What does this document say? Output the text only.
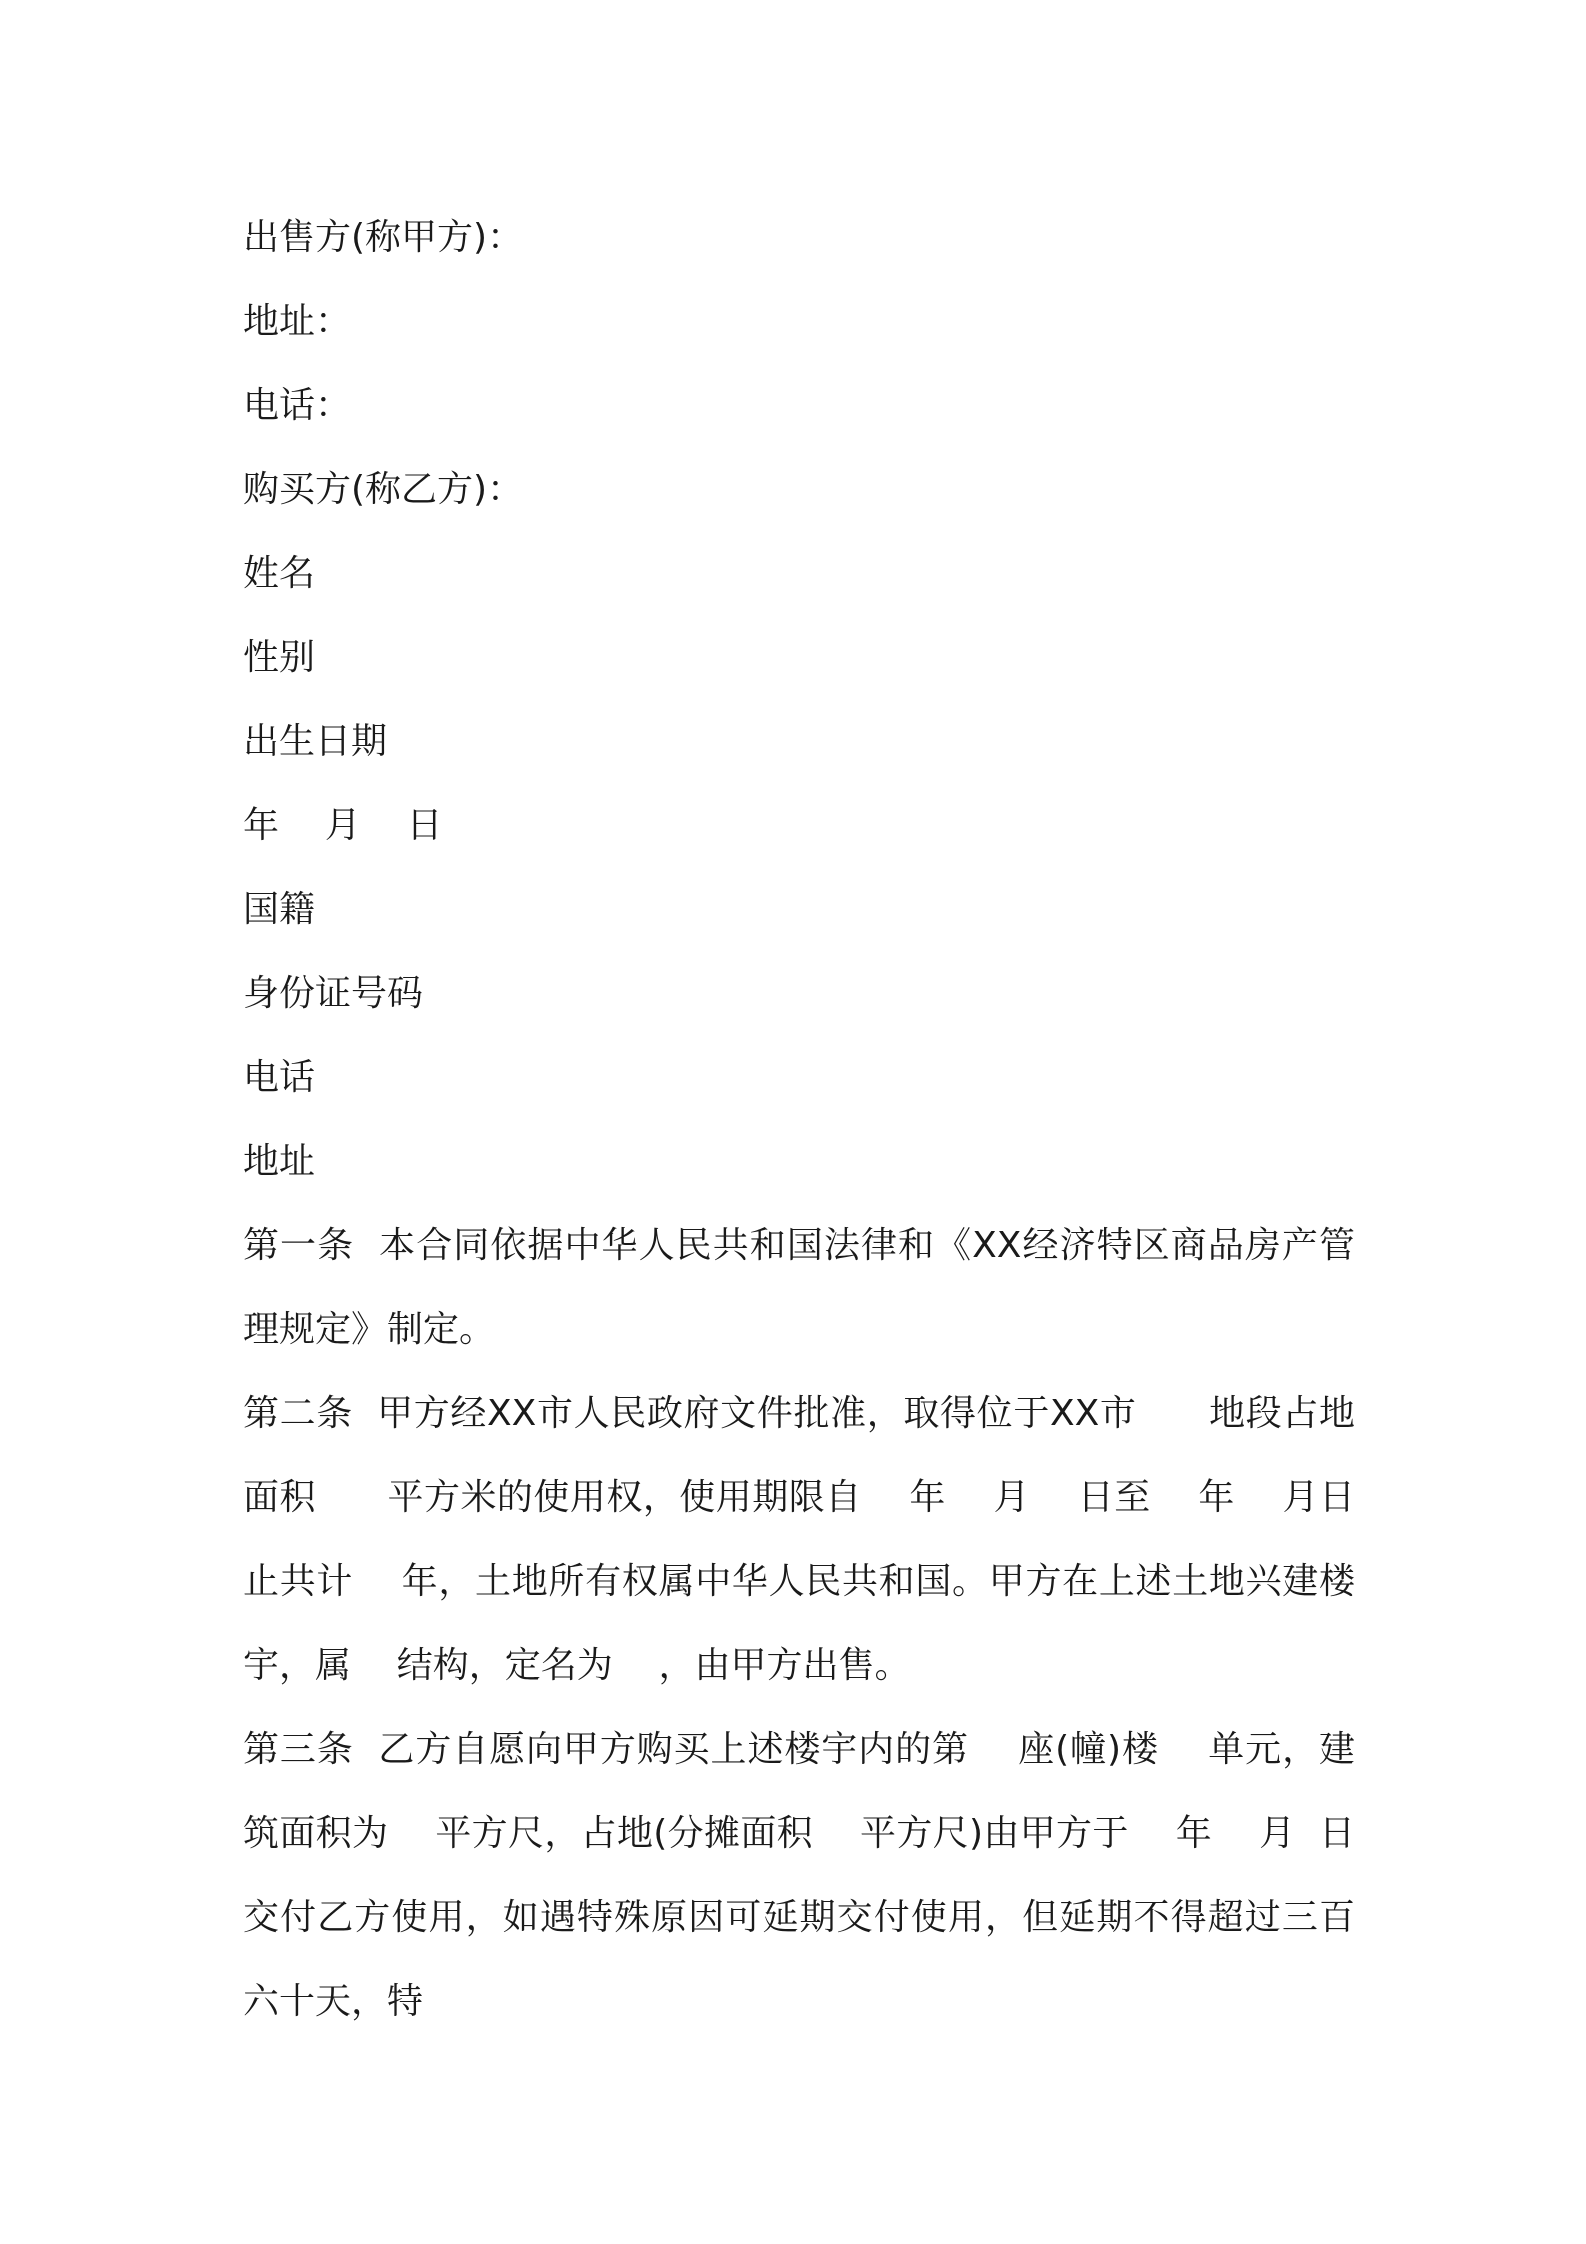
出售方(称甲方)：

地址：

电话：

购买方(称乙方)：

姓名

性别

出生日期

年    月    日

国籍

身份证号码

电话

地址

第一条  本合同依据中华人民共和国法律和《XX经济特区商品房产管理规定》制定。

第二条  甲方经XX市人民政府文件批准，取得位于XX市      地段占地面积      平方米的使用权，使用期限自    年    月    日至    年    月日止共计    年，土地所有权属中华人民共和国。甲方在上述土地兴建楼宇，属    结构，定名为    ，由甲方出售。

第三条  乙方自愿向甲方购买上述楼宇内的第    座(幢)楼    单元，建筑面积为    平方尺，占地(分摊面积    平方尺)由甲方于    年    月  日交付乙方使用，如遇特殊原因可延期交付使用，但延期不得超过三百六十天，特
